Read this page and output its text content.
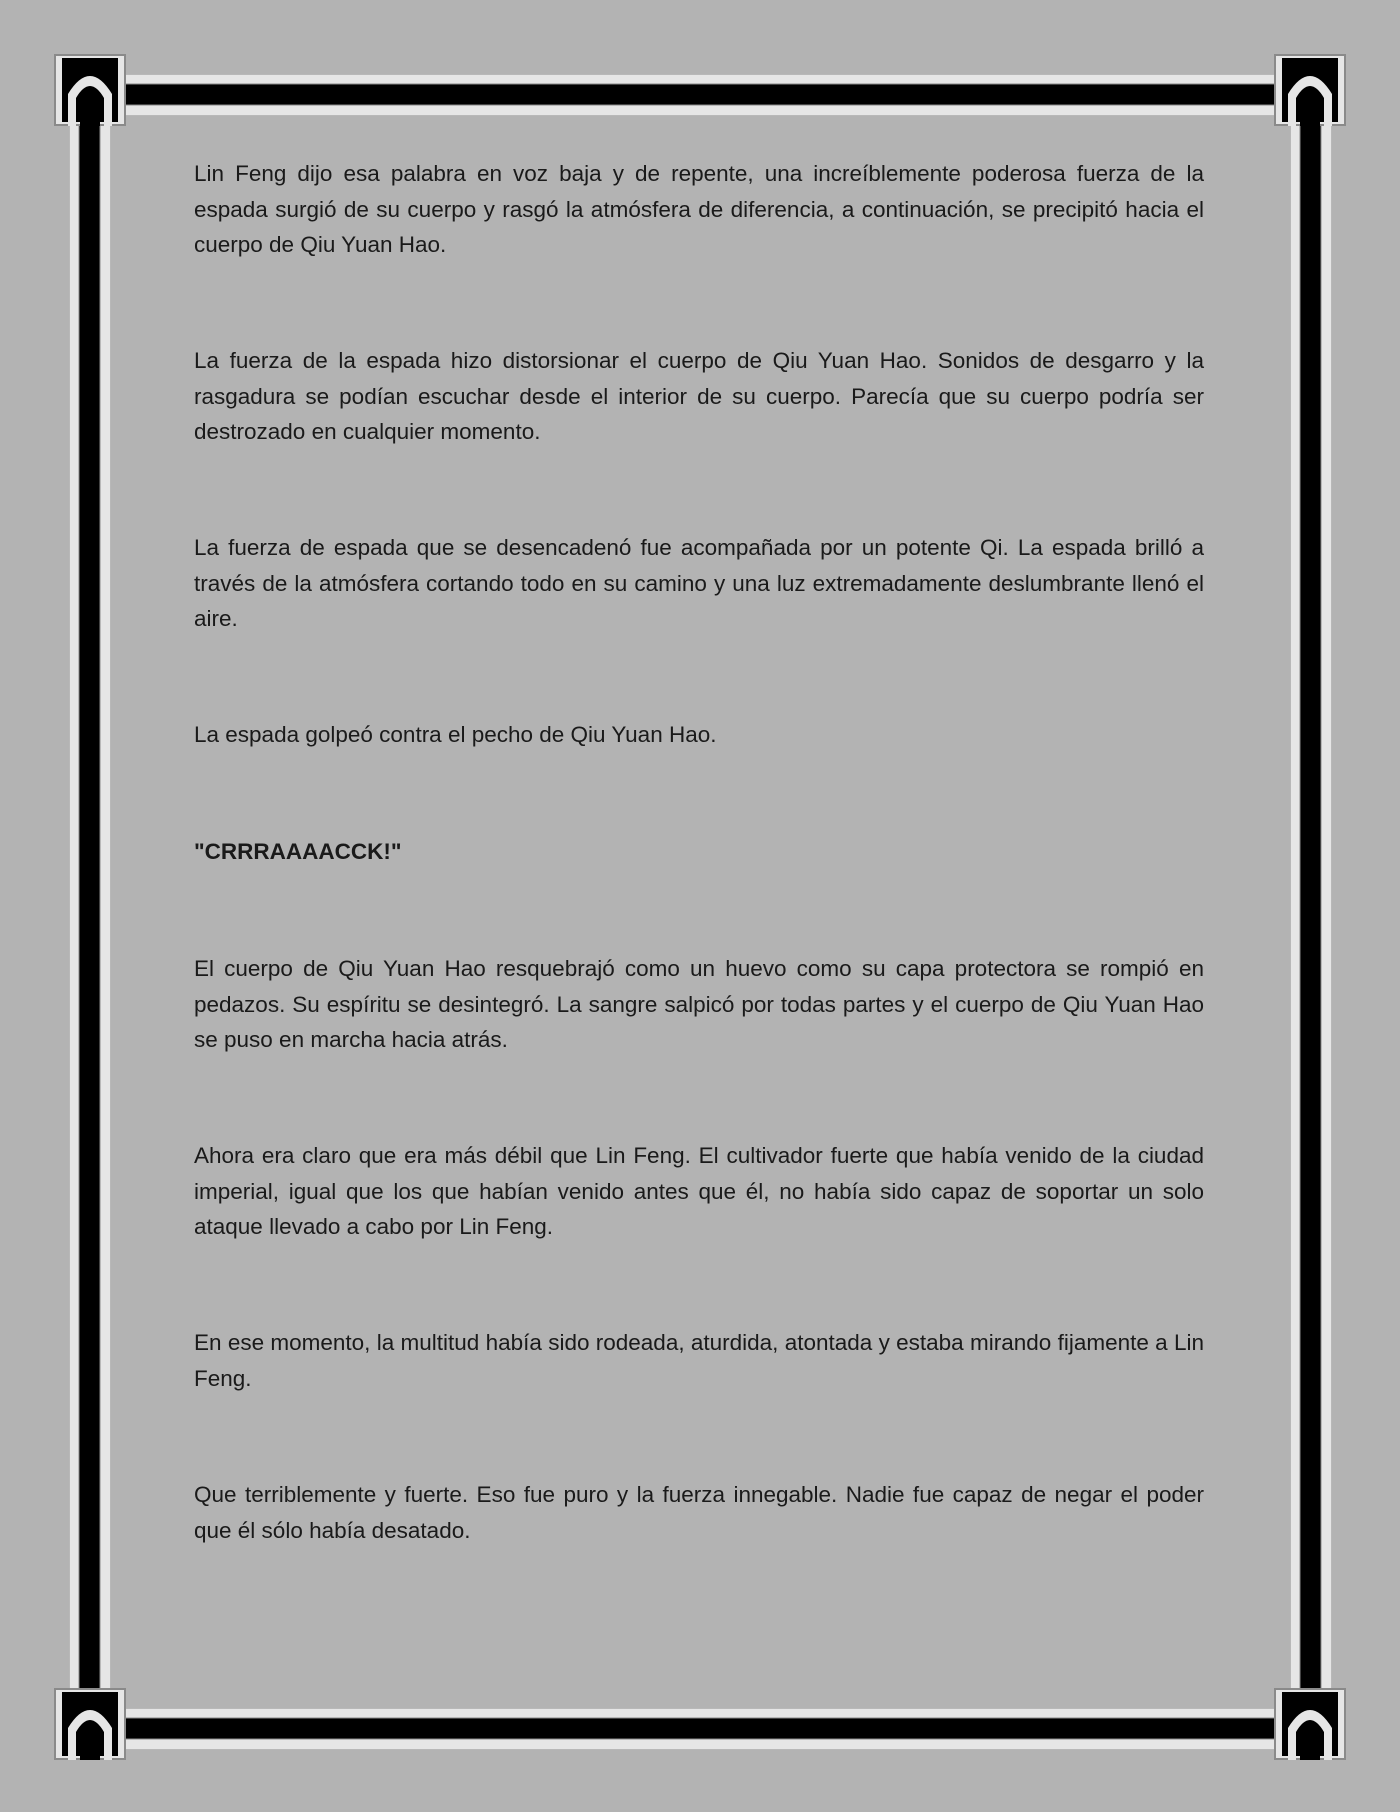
Lin Feng dijo esa palabra en voz baja y de repente, una increíblemente poderosa fuerza de la espada surgió de su cuerpo y rasgó la atmósfera de diferencia, a continuación, se precipitó hacia el cuerpo de Qiu Yuan Hao.

La fuerza de la espada hizo distorsionar el cuerpo de Qiu Yuan Hao. Sonidos de desgarro y la rasgadura se podían escuchar desde el interior de su cuerpo. Parecía que su cuerpo podría ser destrozado en cualquier momento.

La fuerza de espada que se desencadenó fue acompañada por un potente Qi. La espada brilló a través de la atmósfera cortando todo en su camino y una luz extremadamente deslumbrante llenó el aire.

La espada golpeó contra el pecho de Qiu Yuan Hao.

"CRRRAAAACCK!"

El cuerpo de Qiu Yuan Hao resquebrajó como un huevo como su capa protectora se rompió en pedazos. Su espíritu se desintegró. La sangre salpicó por todas partes y el cuerpo de Qiu Yuan Hao se puso en marcha hacia atrás.

Ahora era claro que era más débil que Lin Feng. El cultivador fuerte que había venido de la ciudad imperial, igual que los que habían venido antes que él, no había sido capaz de soportar un solo ataque llevado a cabo por Lin Feng.

En ese momento, la multitud había sido rodeada, aturdida, atontada y estaba mirando fijamente a Lin Feng.

Que terriblemente y fuerte. Eso fue puro y la fuerza innegable. Nadie fue capaz de negar el poder que él sólo había desatado.
